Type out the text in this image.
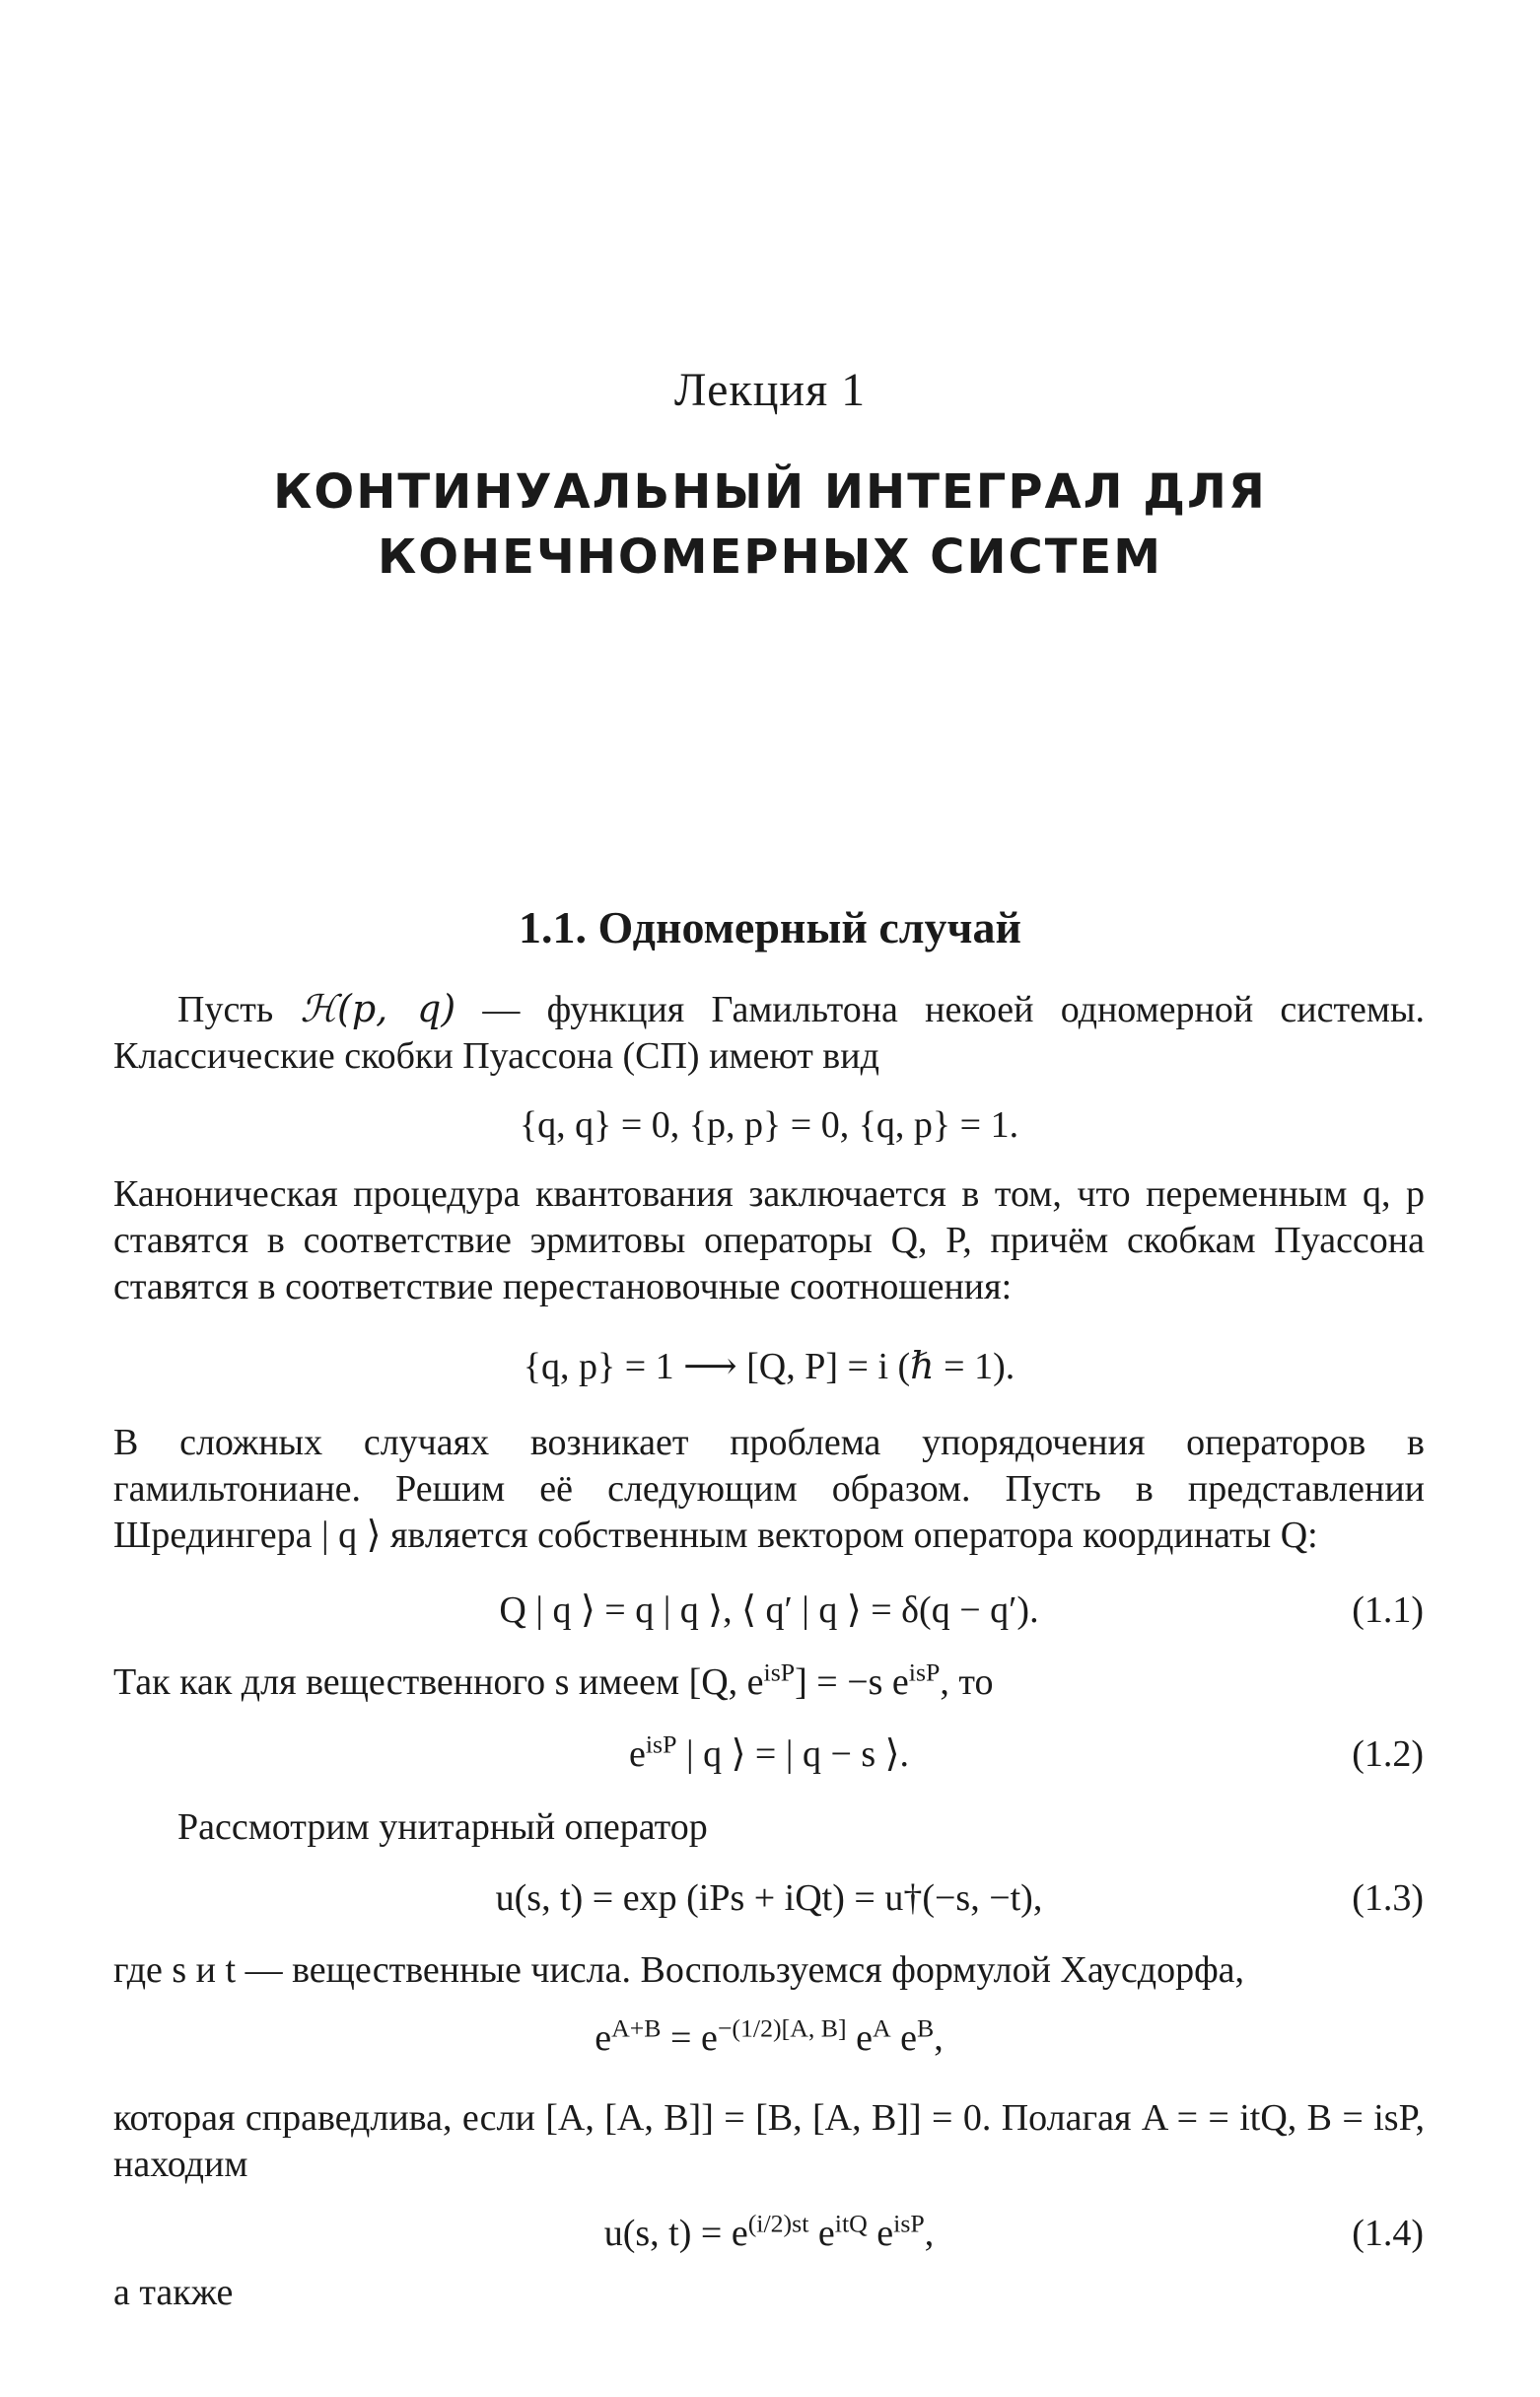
Лекция 1
КОНТИНУАЛЬНЫЙ ИНТЕГРАЛ ДЛЯ
КОНЕЧНОМЕРНЫХ СИСТЕМ
1.1. Одномерный случай
Пусть ℋ(p, q) — функция Гамильтона некоей одномерной системы. Классические скобки Пуассона (СП) имеют вид
{q, q} = 0, {p, p} = 0, {q, p} = 1.
Каноническая процедура квантования заключается в том, что переменным q, p ставятся в соответствие эрмитовы операторы Q, P, причём скобкам Пуассона ставятся в соответствие перестановочные соотношения:
{q, p} = 1 ⟶ [Q, P] = i (ℏ = 1).
В сложных случаях возникает проблема упорядочения операторов в гамильтониане. Решим её следующим образом. Пусть в представлении Шредингера | q ⟩ является собственным вектором оператора координаты Q:
Q | q ⟩ = q | q ⟩, ⟨ q′ | q ⟩ = δ(q − q′).	(1.1)
Так как для вещественного s имеем [Q, $e^{isP}] = -s$ $e^{isP}$, то
$e^{isP}$ | q ⟩ = | q − s ⟩.	(1.2)
Рассмотрим унитарный оператор
u(s, t) = exp (iPs + iQt) = u†(−s, −t),	(1.3)
где s и t — вещественные числа. Воспользуемся формулой Хаусдорфа,
$e^{A+B} = e^{-(1/2)[A, B]}$ $e^A$ $e^B$,
которая справедлива, если [A, [A, B]] = [B, [A, B]] = 0. Полагая A = = itQ, B = isP, находим
u(s, $t) = e^{(i/2)st}$ $e^{itQ}$ $e^{isP}$,	(1.4)
а также
